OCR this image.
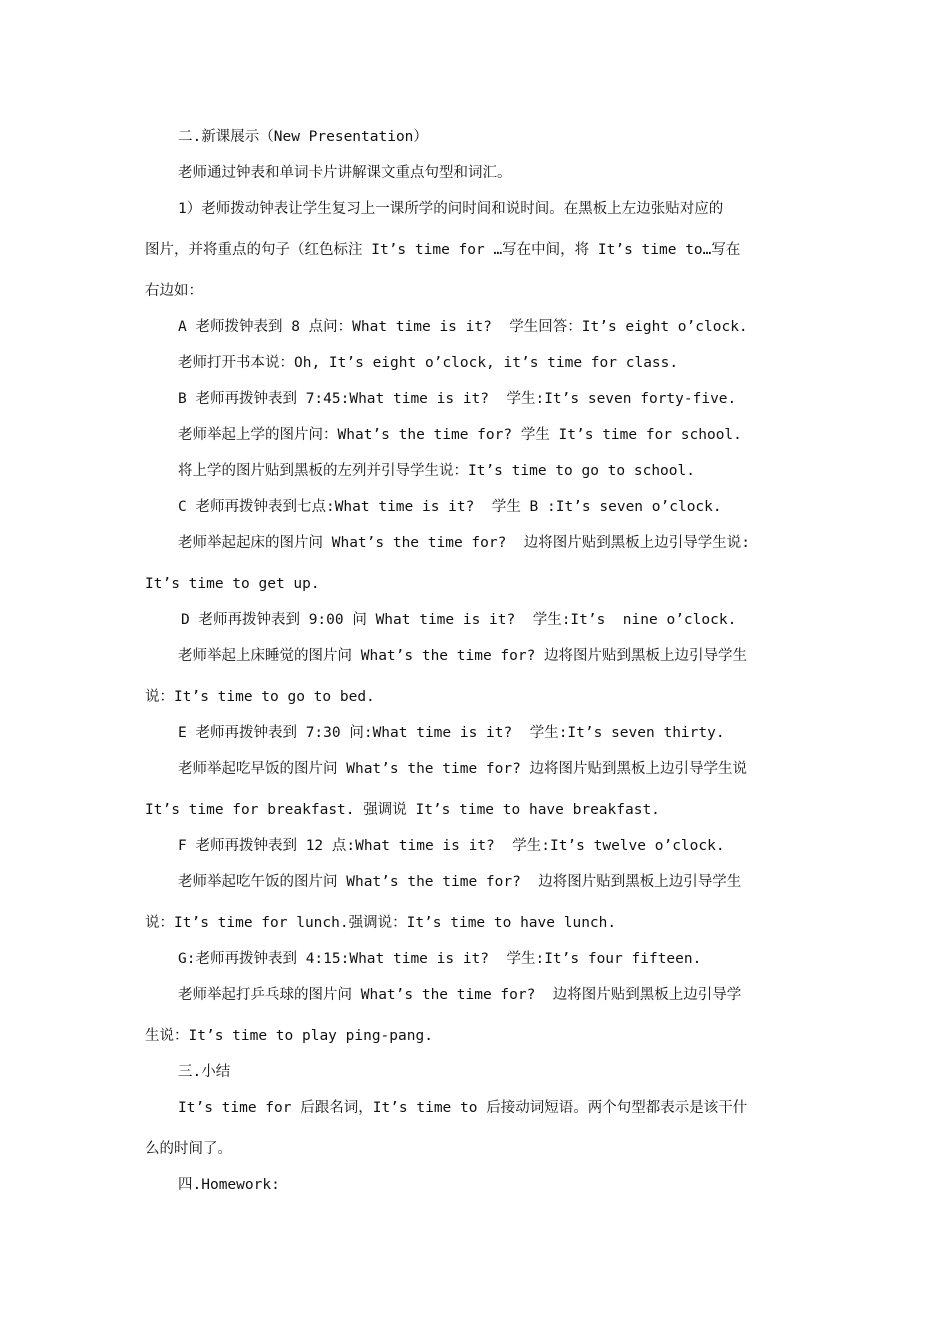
二.新课展示（New Presentation）
老师通过钟表和单词卡片讲解课文重点句型和词汇。
1）老师拨动钟表让学生复习上一课所学的问时间和说时间。在黑板上左边张贴对应的
图片，并将重点的句子（红色标注 It’s time for …写在中间，将 It’s time to…写在
右边如：
A 老师拨钟表到 8 点问：What time is it?  学生回答：It’s eight o’clock.
老师打开书本说：Oh, It’s eight o’clock, it’s time for class.
B 老师再拨钟表到 7:45:What time is it?  学生:It’s seven forty-five.
老师举起上学的图片问：What’s the time for? 学生 It’s time for school.
将上学的图片贴到黑板的左列并引导学生说：It’s time to go to school.
C 老师再拨钟表到七点:What time is it?  学生 B :It’s seven o’clock.
老师举起起床的图片问 What’s the time for?  边将图片贴到黑板上边引导学生说:
It’s time to get up.
D 老师再拨钟表到 9:00 问 What time is it?  学生:It’s  nine o’clock.
老师举起上床睡觉的图片问 What’s the time for? 边将图片贴到黑板上边引导学生
说：It’s time to go to bed.
E 老师再拨钟表到 7:30 问:What time is it?  学生:It’s seven thirty.
老师举起吃早饭的图片问 What’s the time for? 边将图片贴到黑板上边引导学生说
It’s time for breakfast. 强调说 It’s time to have breakfast.
F 老师再拨钟表到 12 点:What time is it?  学生:It’s twelve o’clock.
老师举起吃午饭的图片问 What’s the time for?  边将图片贴到黑板上边引导学生
说：It’s time for lunch.强调说：It’s time to have lunch.
G:老师再拨钟表到 4:15:What time is it?  学生:It’s four fifteen.
老师举起打乒乓球的图片问 What’s the time for?  边将图片贴到黑板上边引导学
生说：It’s time to play ping-pang.
三.小结
It’s time for 后跟名词，It’s time to 后接动词短语。两个句型都表示是该干什
么的时间了。
四.Homework:
